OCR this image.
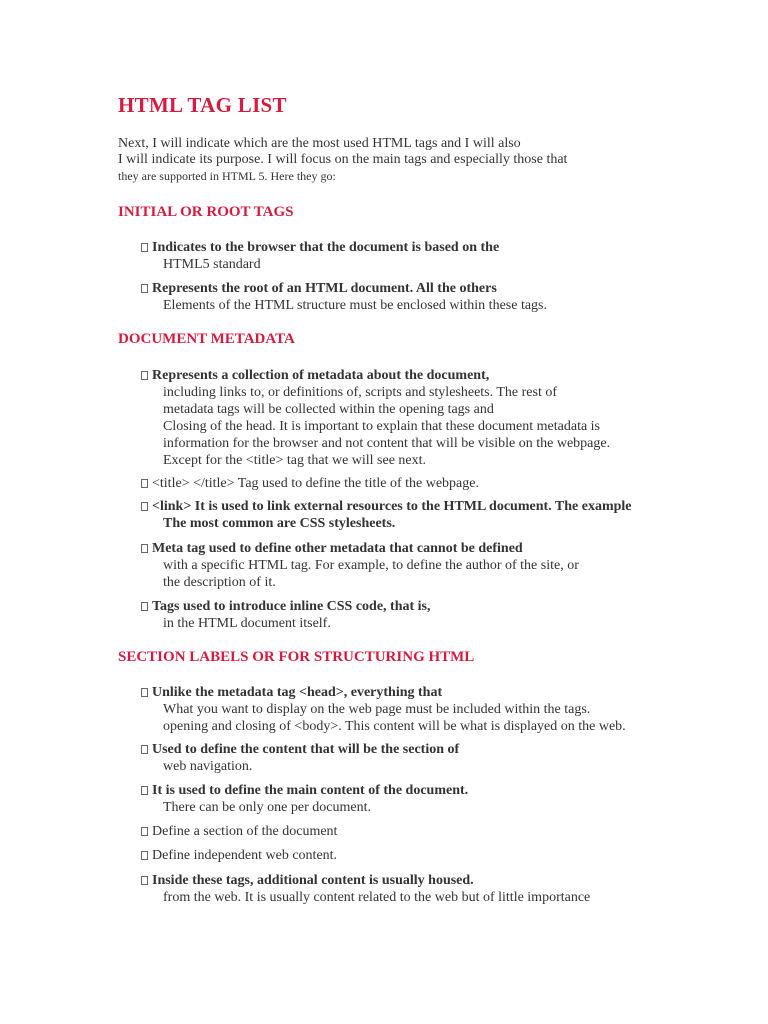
HTML TAG LIST
Next, I will indicate which are the most used HTML tags and I will also
I will indicate its purpose. I will focus on the main tags and especially those that
they are supported in HTML 5. Here they go:
INITIAL OR ROOT TAGS
Indicates to the browser that the document is based on the
HTML5 standard
Represents the root of an HTML document. All the others
Elements of the HTML structure must be enclosed within these tags.
DOCUMENT METADATA
Represents a collection of metadata about the document,
including links to, or definitions of, scripts and stylesheets. The rest of
metadata tags will be collected within the opening tags and
Closing of the head. It is important to explain that these document metadata is
information for the browser and not content that will be visible on the webpage.
Except for the <title> tag that we will see next.
<title> </title> Tag used to define the title of the webpage.
<link> It is used to link external resources to the HTML document. The example
The most common are CSS stylesheets.
Meta tag used to define other metadata that cannot be defined
with a specific HTML tag. For example, to define the author of the site, or
the description of it.
Tags used to introduce inline CSS code, that is,
in the HTML document itself.
SECTION LABELS OR FOR STRUCTURING HTML
Unlike the metadata tag <head>, everything that
What you want to display on the web page must be included within the tags.
opening and closing of <body>. This content will be what is displayed on the web.
Used to define the content that will be the section of
web navigation.
It is used to define the main content of the document.
There can be only one per document.
Define a section of the document
Define independent web content.
Inside these tags, additional content is usually housed.
from the web. It is usually content related to the web but of little importance
